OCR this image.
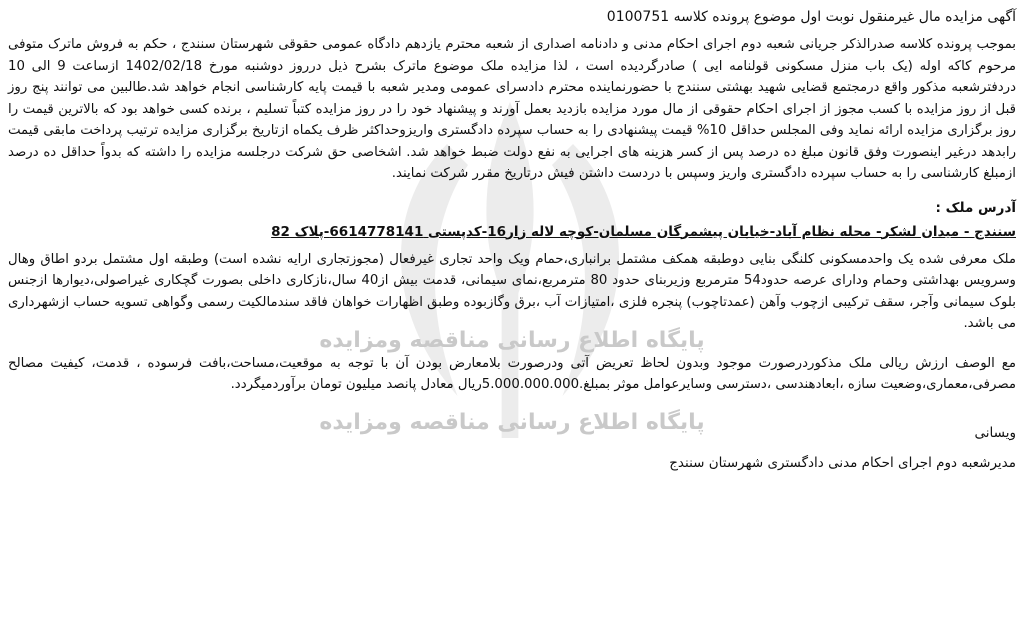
پایگاه اطلاع رسانی مناقصه ومزایده
پایگاه اطلاع رسانی مناقصه ومزایده
آگهی مزایده مال غیرمنقول نوبت اول موضوع پرونده کلاسه 0100751

بموجب پرونده کلاسه صدرالذکر جریانی شعبه دوم اجرای احکام مدنی و دادنامه اصداری از شعبه محترم یازدهم دادگاه عمومی حقوقی شهرستان سنندج ، حکم به فروش ماترک متوفی مرحوم کاکه اوله (یک باب منزل مسکونی قولنامه ایی ) صادرگردیده است ، لذا مزایده ملک موضوع ماترک بشرح ذیل درروز دوشنبه مورخ 1402/02/18 ازساعت 9 الی 10 دردفترشعبه مذکور واقع درمجتمع قضایی شهید بهشتی سنندج با حضورنماینده محترم دادسرای عمومی ومدیر شعبه با قیمت پایه کارشناسی انجام خواهد شد.طالبین می توانند پنج روز قبل از روز مزایده با کسب مجوز از اجرای احکام حقوقی از مال مورد مزایده بازدید بعمل آورند و پیشنهاد خود را در روز مزایده کتباً تسلیم ، برنده کسی خواهد بود که بالاترین قیمت را روز برگزاری مزایده ارائه نماید وفی المجلس حداقل 10% قیمت پیشنهادی را به حساب سپرده دادگستری واریزوحداکثر ظرف یکماه ازتاریخ برگزاری مزایده ترتیب پرداخت مابقی قیمت رابدهد درغیر اینصورت وفق قانون مبلغ ده درصد پس از کسر هزینه های اجرایی به نفع دولت ضبط خواهد شد. اشخاصی حق شرکت درجلسه مزایده را داشته که بدواً حداقل ده درصد ازمبلغ کارشناسی را به حساب سپرده دادگستری واریز وسپس با دردست داشتن فیش درتاریخ مقرر شرکت نمایند.

آدرس ملک :
سنندج - میدان لشکر- محله نظام آباد-خیابان پیشمرگان مسلمان-کوچه لاله زار16-کدپستی 6614778141-پلاک 82

ملک معرفی شده یک واحدمسکونی کلنگی بنایی دوطبقه همکف مشتمل برانباری،حمام ویک واحد تجاری غیرفعال (مجوزتجاری ارایه نشده است) وطبقه اول مشتمل بردو اطاق وهال وسرویس بهداشتی وحمام ودارای عرصه حدود54 مترمربع وزیربنای حدود 80 مترمربع،نمای سیمانی، قدمت بیش از40 سال،نازکاری داخلی بصورت گچکاری غیراصولی،دیوارها ازجنس بلوک سیمانی وآجر، سقف ترکیبی ازچوب وآهن (عمدتاچوب) پنجره فلزی ،امتیازات آب ،برق وگازبوده وطبق اظهارات خواهان فاقد سندمالکیت رسمی وگواهی تسویه حساب ازشهرداری می باشد.

مع الوصف ارزش ریالی ملک مذکوردرصورت موجود وبدون لحاظ تعریض آتی ودرصورت بلامعارض بودن آن با توجه به موقعیت،مساحت،بافت فرسوده ، قدمت، کیفیت مصالح مصرفی،معماری،وضعیت سازه ،ابعادهندسی ،دسترسی وسایرعوامل موثر بمبلغ.5.000.000.000ریال معادل پانصد میلیون تومان برآوردمیگردد.

ویسانی

مدیرشعبه دوم اجرای احکام مدنی دادگستری شهرستان سنندج
